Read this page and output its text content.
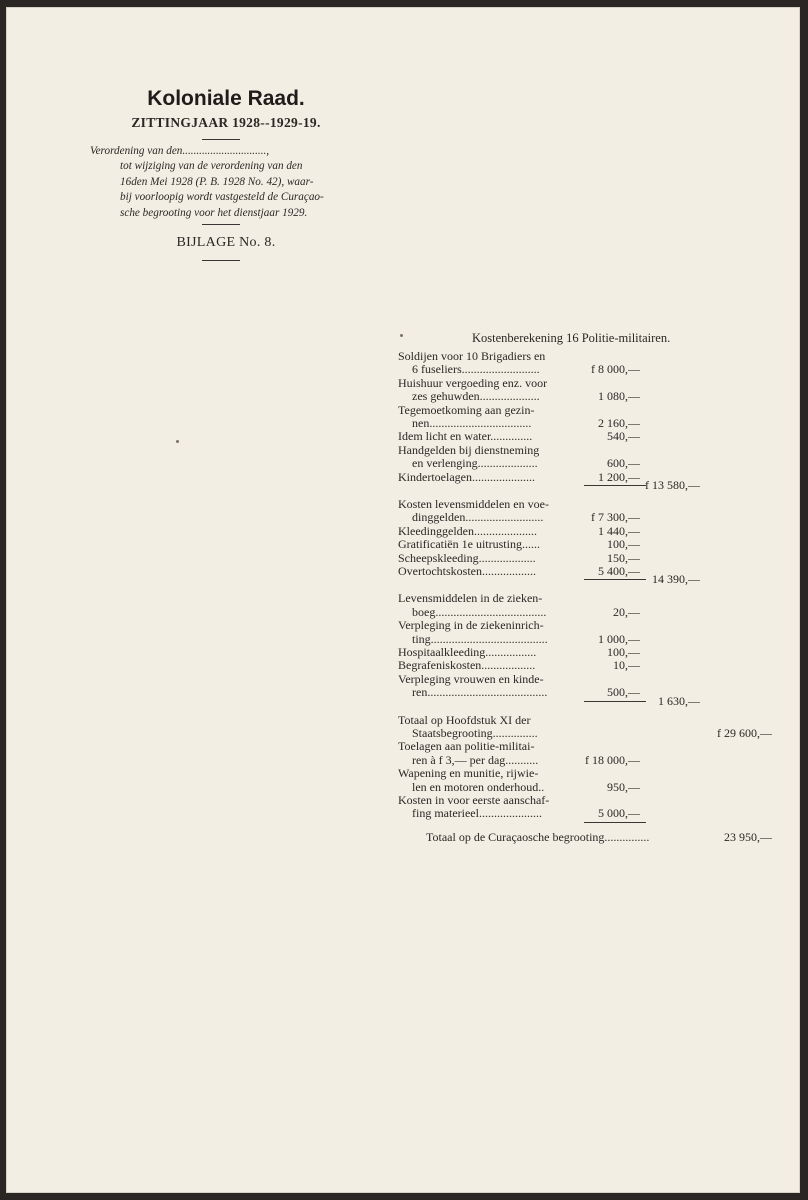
Koloniale Raad.
ZITTINGJAAR 1928--1929-19.
Verordening van den..............................,
tot wijziging van de verordening van den
16den Mei 1928 (P. B. 1928 No. 42), waar-
bij voorloopig wordt vastgesteld de Curaçao-
sche begrooting voor het dienstjaar 1929.
BIJLAGE No. 8.
Kostenberekening 16 Politie-militairen.
Soldijen voor 10 Brigadiers en
6 fuseliers..........................	f 8 000,—
Huishuur vergoeding enz. voor
zes gehuwden....................	1 080,—
Tegemoetkoming aan gezin-
nen..................................	2 160,—
Idem licht en water..............	540,—
Handgelden bij dienstneming
en verlenging....................	600,—
Kindertoelagen.....................	1 200,—
f 13 580,—
Kosten levensmiddelen en voe-
dinggelden..........................	f 7 300,—
Kleedinggelden.....................	1 440,—
Gratificatiën 1e uitrusting......	100,—
Scheepskleeding...................	150,—
Overtochtskosten..................	5 400,—
14 390,—
Levensmiddelen in de zieken-
boeg.....................................	20,—
Verpleging in de ziekeninrich-
ting.......................................	1 000,—
Hospitaalkleeding.................	100,—
Begrafeniskosten..................	10,—
Verpleging vrouwen en kinde-
ren........................................	500,—
1 630,—
Totaal op Hoofdstuk XI der
Staatsbegrooting...............	f 29 600,—
Toelagen aan politie-militai-
ren à f 3,— per dag...........	f 18 000,—
Wapening en munitie, rijwie-
len en motoren onderhoud..	950,—
Kosten in voor eerste aanschaf-
fing materieel.....................	5 000,—
Totaal op de Curaçaosche begrooting...............	23 950,—
